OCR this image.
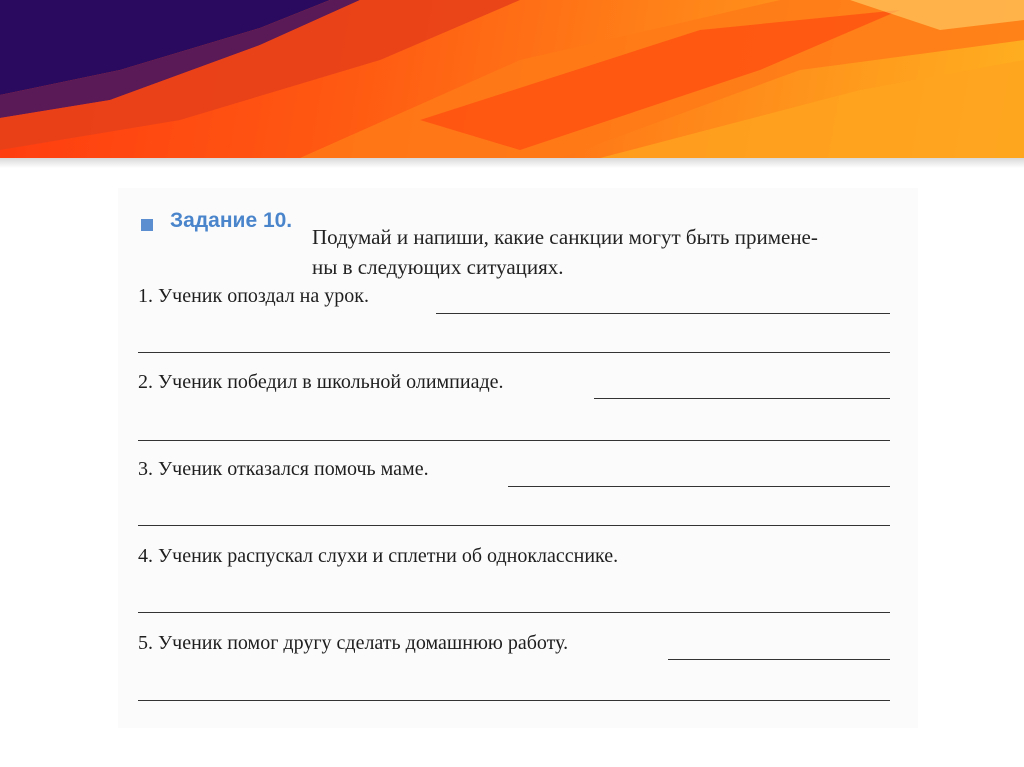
Задание 10.
Подумай и напиши, какие санкции могут быть примене-
ны в следующих ситуациях.
1. Ученик опоздал на урок.
2. Ученик победил в школьной олимпиаде.
3. Ученик отказался помочь маме.
4. Ученик распускал слухи и сплетни об однокласснике.
5. Ученик помог другу сделать домашнюю работу.
